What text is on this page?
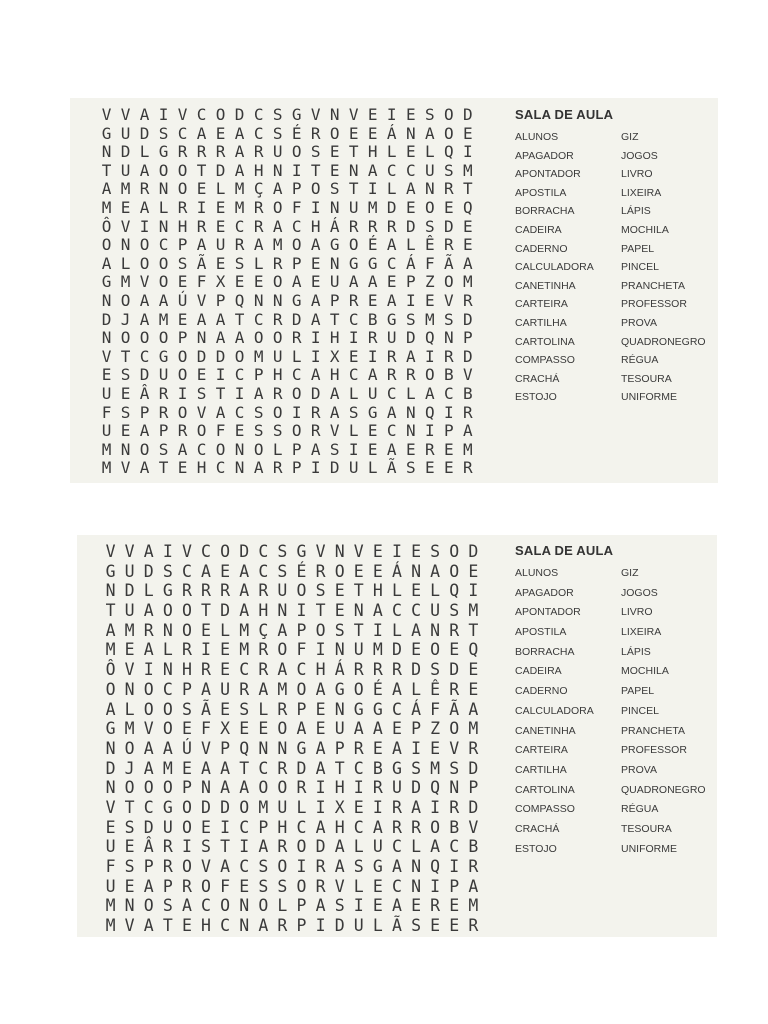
V V A I V C O D C S G V N V E I E S O D
G U D S C A E A C S É R O E E Á N A O E
N D L G R R R A R U O S E T H L E L Q I
T U A O O T D A H N I T E N A C C U S M
A M R N O E L M Ç A P O S T I L A N R T
M E A L R I E M R O F I N U M D E O E Q
Ô V I N H R E C R A C H Á R R R D S D E
O N O C P A U R A M O A G O É A L Ê R E
A L O O S Ã E S L R P E N G G C Á F Ã A
G M V O E F X E E O A E U A A E P Z O M
N O A A Ú V P Q N N G A P R E A I E V R
D J A M E A A T C R D A T C B G S M S D
N O O O P N A A O O R I H I R U D Q N P
V T C G O D D O M U L I X E I R A I R D
E S D U O E I C P H C A H C A R R O B V
U E Â R I S T I A R O D A L U C L A C B
F S P R O V A C S O I R A S G A N Q I R
U E A P R O F E S S O R V L E C N I P A
M N O S A C O N O L P A S I E A E R E M
M V A T E H C N A R P I D U L Ã S E E R
SALA DE AULA
ALUNOS
APAGADOR
APONTADOR
APOSTILA
BORRACHA
CADEIRA
CADERNO
CALCULADORA
CANETINHA
CARTEIRA
CARTILHA
CARTOLINA
COMPASSO
CRACHÁ
ESTOJO
GIZ
JOGOS
LIVRO
LIXEIRA
LÁPIS
MOCHILA
PAPEL
PINCEL
PRANCHETA
PROFESSOR
PROVA
QUADRONEGRO
RÉGUA
TESOURA
UNIFORME
V V A I V C O D C S G V N V E I E S O D
G U D S C A E A C S É R O E E Á N A O E
N D L G R R R A R U O S E T H L E L Q I
T U A O O T D A H N I T E N A C C U S M
A M R N O E L M Ç A P O S T I L A N R T
M E A L R I E M R O F I N U M D E O E Q
Ô V I N H R E C R A C H Á R R R D S D E
O N O C P A U R A M O A G O É A L Ê R E
A L O O S Ã E S L R P E N G G C Á F Ã A
G M V O E F X E E O A E U A A E P Z O M
N O A A Ú V P Q N N G A P R E A I E V R
D J A M E A A T C R D A T C B G S M S D
N O O O P N A A O O R I H I R U D Q N P
V T C G O D D O M U L I X E I R A I R D
E S D U O E I C P H C A H C A R R O B V
U E Â R I S T I A R O D A L U C L A C B
F S P R O V A C S O I R A S G A N Q I R
U E A P R O F E S S O R V L E C N I P A
M N O S A C O N O L P A S I E A E R E M
M V A T E H C N A R P I D U L Ã S E E R
SALA DE AULA
ALUNOS
APAGADOR
APONTADOR
APOSTILA
BORRACHA
CADEIRA
CADERNO
CALCULADORA
CANETINHA
CARTEIRA
CARTILHA
CARTOLINA
COMPASSO
CRACHÁ
ESTOJO
GIZ
JOGOS
LIVRO
LIXEIRA
LÁPIS
MOCHILA
PAPEL
PINCEL
PRANCHETA
PROFESSOR
PROVA
QUADRONEGRO
RÉGUA
TESOURA
UNIFORME
